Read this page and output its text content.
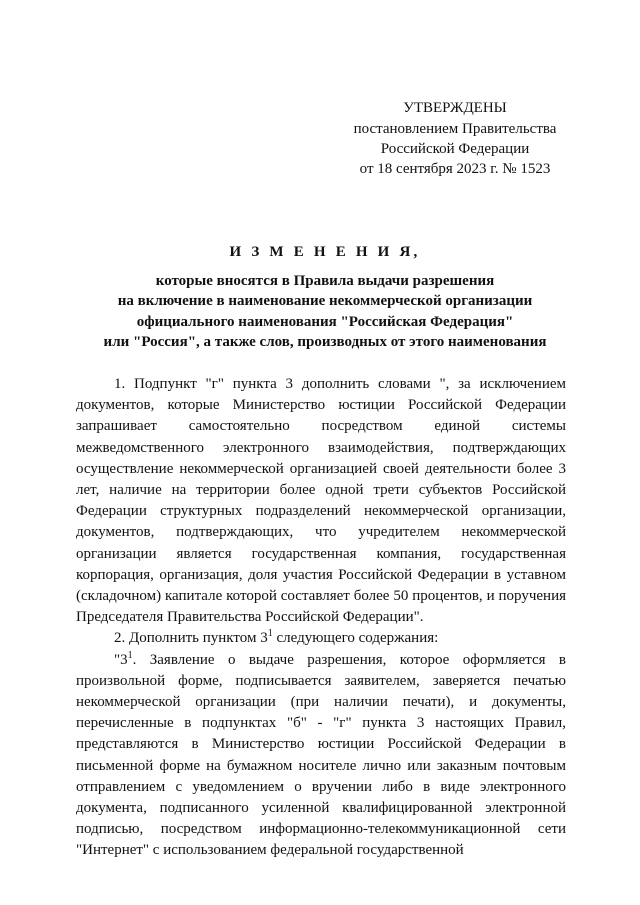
УТВЕРЖДЕНЫ
постановлением Правительства
Российской Федерации
от 18 сентября 2023 г. № 1523
И З М Е Н Е Н И Я,
которые вносятся в Правила выдачи разрешения
на включение в наименование некоммерческой организации
официального наименования "Российская Федерация"
или "Россия", а также слов, производных от этого наименования

1. Подпункт "г" пункта 3 дополнить словами ", за исключением документов, которые Министерство юстиции Российской Федерации запрашивает самостоятельно посредством единой системы межведомственного электронного взаимодействия, подтверждающих осуществление некоммерческой организацией своей деятельности более 3 лет, наличие на территории более одной трети субъектов Российской Федерации структурных подразделений некоммерческой организации, документов, подтверждающих, что учредителем некоммерческой организации является государственная компания, государственная корпорация, организация, доля участия Российской Федерации в уставном (складочном) капитале которой составляет более 50 процентов, и поручения Председателя Правительства Российской Федерации".

2. Дополнить пунктом $3^1$ следующего содержания:

"$3^1$. Заявление о выдаче разрешения, которое оформляется в произвольной форме, подписывается заявителем, заверяется печатью некоммерческой организации (при наличии печати), и документы, перечисленные в подпунктах "б" - "г" пункта 3 настоящих Правил, представляются в Министерство юстиции Российской Федерации в письменной форме на бумажном носителе лично или заказным почтовым отправлением с уведомлением о вручении либо в виде электронного документа, подписанного усиленной квалифицированной электронной подписью, посредством информационно-телекоммуникационной сети "Интернет" с использованием федеральной государственной
